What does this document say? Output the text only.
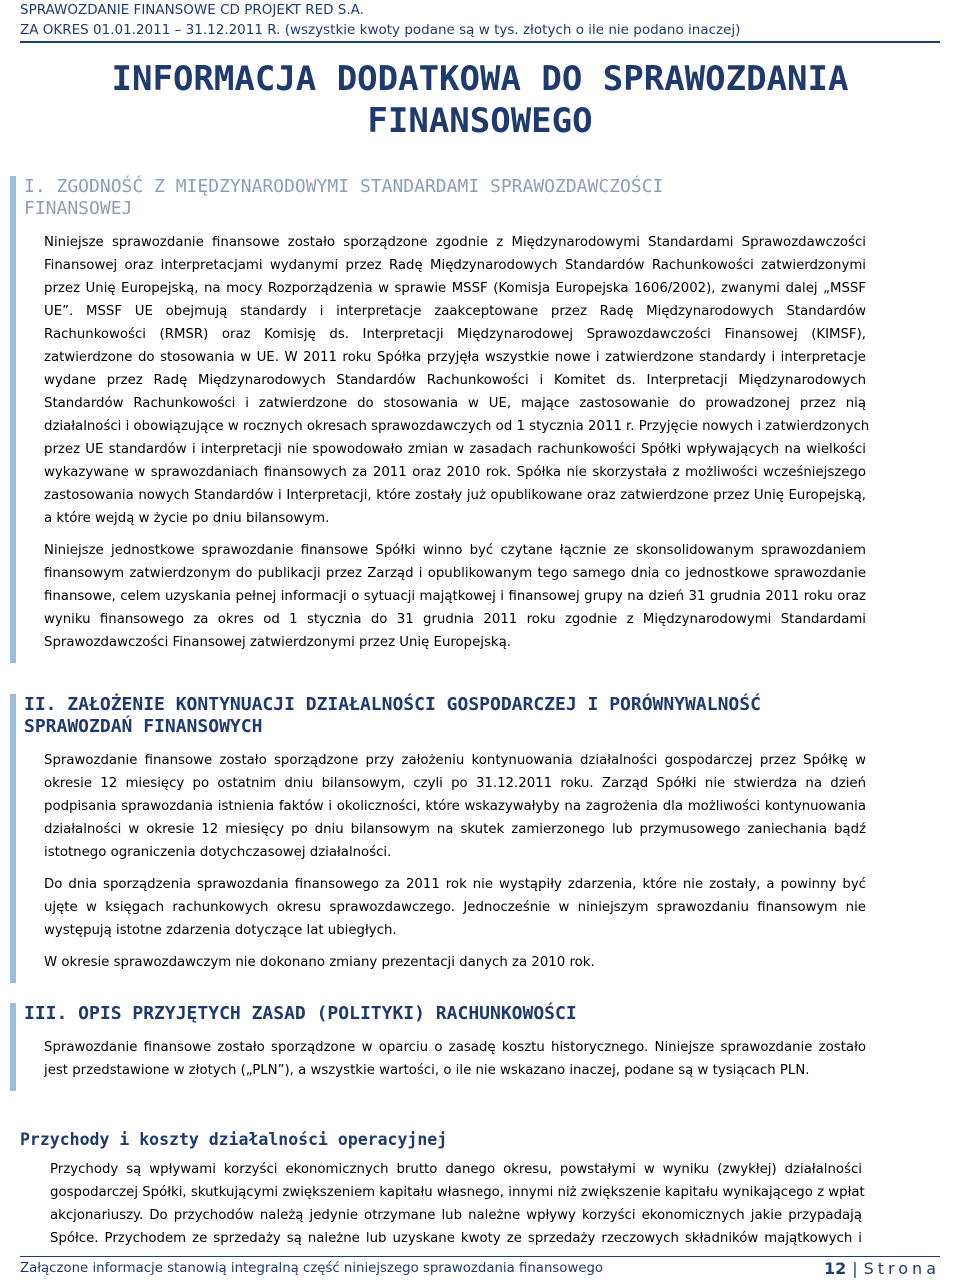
SPRAWOZDANIE FINANSOWE CD PROJEKT RED S.A.
ZA OKRES 01.01.2011 – 31.12.2011 R. (wszystkie kwoty podane są w tys. złotych o ile nie podano inaczej)
INFORMACJA DODATKOWA DO SPRAWOZDANIA
FINANSOWEGO
I. ZGODNOŚĆ Z MIĘDZYNARODOWYMI STANDARDAMI SPRAWOZDAWCZOŚCI
FINANSOWEJ

Niniejsze sprawozdanie finansowe zostało sporządzone zgodnie z Międzynarodowymi Standardami Sprawozdawczości
Finansowej oraz interpretacjami wydanymi przez Radę Międzynarodowych Standardów Rachunkowości zatwierdzonymi
przez Unię Europejską, na mocy Rozporządzenia w sprawie MSSF (Komisja Europejska 1606/2002), zwanymi dalej „MSSF
UE”. MSSF UE obejmują standardy i interpretacje zaakceptowane przez Radę Międzynarodowych Standardów
Rachunkowości (RMSR) oraz Komisję ds. Interpretacji Międzynarodowej Sprawozdawczości Finansowej (KIMSF),
zatwierdzone do stosowania w UE. W 2011 roku Spółka przyjęła wszystkie nowe i zatwierdzone standardy i interpretacje
wydane przez Radę Międzynarodowych Standardów Rachunkowości i Komitet ds. Interpretacji Międzynarodowych
Standardów Rachunkowości i zatwierdzone do stosowania w UE, mające zastosowanie do prowadzonej przez nią
działalności i obowiązujące w rocznych okresach sprawozdawczych od 1 stycznia 2011 r. Przyjęcie nowych i zatwierdzonych
przez UE standardów i interpretacji nie spowodowało zmian w zasadach rachunkowości Spółki wpływających na wielkości
wykazywane w sprawozdaniach finansowych za 2011 oraz 2010 rok. Spółka nie skorzystała z możliwości wcześniejszego
zastosowania nowych Standardów i Interpretacji, które zostały już opublikowane oraz zatwierdzone przez Unię Europejską,
a które wejdą w życie po dniu bilansowym.

Niniejsze jednostkowe sprawozdanie finansowe Spółki winno być czytane łącznie ze skonsolidowanym sprawozdaniem
finansowym zatwierdzonym do publikacji przez Zarząd i opublikowanym tego samego dnia co jednostkowe sprawozdanie
finansowe, celem uzyskania pełnej informacji o sytuacji majątkowej i finansowej grupy na dzień 31 grudnia 2011 roku oraz
wyniku finansowego za okres od 1 stycznia do 31 grudnia 2011 roku zgodnie z Międzynarodowymi Standardami
Sprawozdawczości Finansowej zatwierdzonymi przez Unię Europejską.

II. ZAŁOŻENIE KONTYNUACJI DZIAŁALNOŚCI GOSPODARCZEJ I PORÓWNYWALNOŚĆ
SPRAWOZDAŃ FINANSOWYCH

Sprawozdanie finansowe zostało sporządzone przy założeniu kontynuowania działalności gospodarczej przez Spółkę w
okresie 12 miesięcy po ostatnim dniu bilansowym, czyli po 31.12.2011 roku. Zarząd Spółki nie stwierdza na dzień
podpisania sprawozdania istnienia faktów i okoliczności, które wskazywałyby na zagrożenia dla możliwości kontynuowania
działalności w okresie 12 miesięcy po dniu bilansowym na skutek zamierzonego lub przymusowego zaniechania bądź
istotnego ograniczenia dotychczasowej działalności.

Do dnia sporządzenia sprawozdania finansowego za 2011 rok nie wystąpiły zdarzenia, które nie zostały, a powinny być
ujęte w księgach rachunkowych okresu sprawozdawczego. Jednocześnie w niniejszym sprawozdaniu finansowym nie
występują istotne zdarzenia dotyczące lat ubiegłych.

W okresie sprawozdawczym nie dokonano zmiany prezentacji danych za 2010 rok.

III. OPIS PRZYJĘTYCH ZASAD (POLITYKI) RACHUNKOWOŚCI

Sprawozdanie finansowe zostało sporządzone w oparciu o zasadę kosztu historycznego. Niniejsze sprawozdanie zostało
jest przedstawione w złotych („PLN”), a wszystkie wartości, o ile nie wskazano inaczej, podane są w tysiącach PLN.

Przychody i koszty działalności operacyjnej

Przychody są wpływami korzyści ekonomicznych brutto danego okresu, powstałymi w wyniku (zwykłej) działalności
gospodarczej Spółki, skutkującymi zwiększeniem kapitału własnego, innymi niż zwiększenie kapitału wynikającego z wpłat
akcjonariuszy. Do przychodów należą jedynie otrzymane lub należne wpływy korzyści ekonomicznych jakie przypadają
Spółce. Przychodem ze sprzedaży są należne lub uzyskane kwoty ze sprzedaży rzeczowych składników majątkowych i

Załączone informacje stanowią integralną część niniejszego sprawozdania finansowego	12 | Strona
